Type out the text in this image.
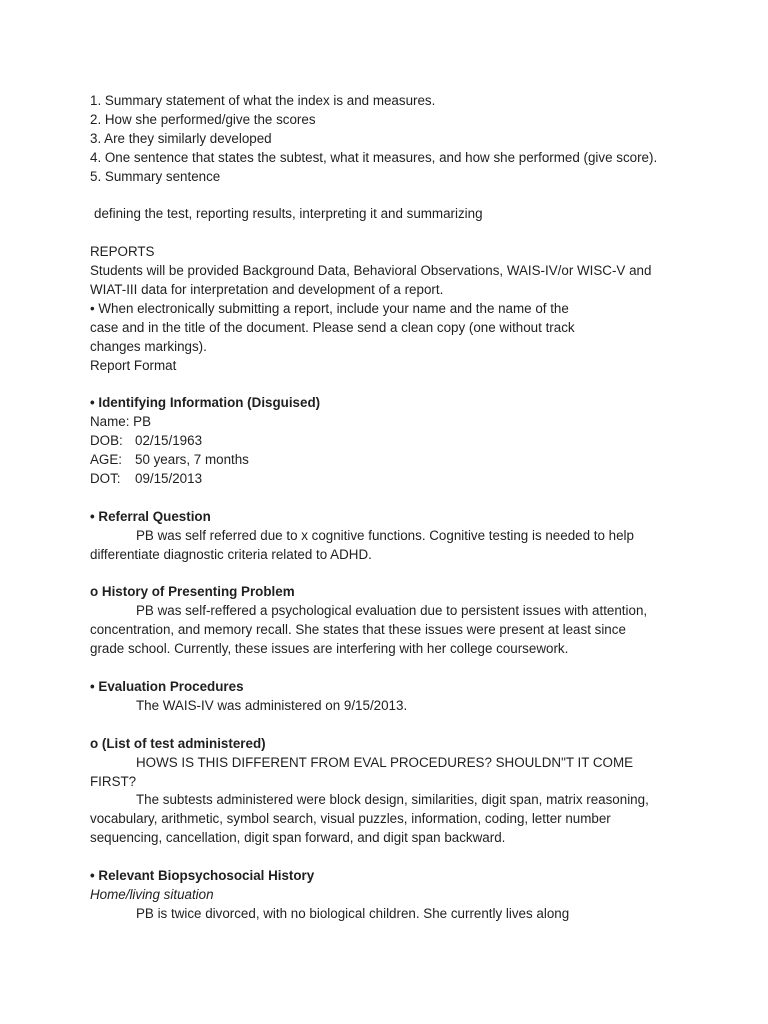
1. Summary statement of what the index is and measures.
2. How she performed/give the scores
3. Are they similarly developed
4. One sentence that states the subtest, what it measures, and how she performed (give score).
5. Summary sentence
defining the test, reporting results, interpreting it and summarizing
REPORTS
Students will be provided Background Data, Behavioral Observations, WAIS-IV/or WISC-V and
WIAT-III data for interpretation and development of a report.
• When electronically submitting a report, include your name and the name of the
case and in the title of the document. Please send a clean copy (one without track
changes markings).
Report Format
• Identifying Information (Disguised)
Name: PB
DOB: 02/15/1963
AGE: 50 years, 7 months
DOT: 09/15/2013
• Referral Question
PB was self referred due to x cognitive functions. Cognitive testing is needed to help
differentiate diagnostic criteria related to ADHD.
o History of Presenting Problem
PB was self-reffered a psychological evaluation due to persistent issues with attention,
concentration, and memory recall. She states that these issues were present at least since
grade school. Currently, these issues are interfering with her college coursework.
• Evaluation Procedures
The WAIS-IV was administered on 9/15/2013.
o (List of test administered)
HOWS IS THIS DIFFERENT FROM EVAL PROCEDURES? SHOULDN"T IT COME
FIRST?
The subtests administered were block design, similarities, digit span, matrix reasoning,
vocabulary, arithmetic, symbol search, visual puzzles, information, coding, letter number
sequencing, cancellation, digit span forward, and digit span backward.
• Relevant Biopsychosocial History
Home/living situation
PB is twice divorced, with no biological children. She currently lives along
